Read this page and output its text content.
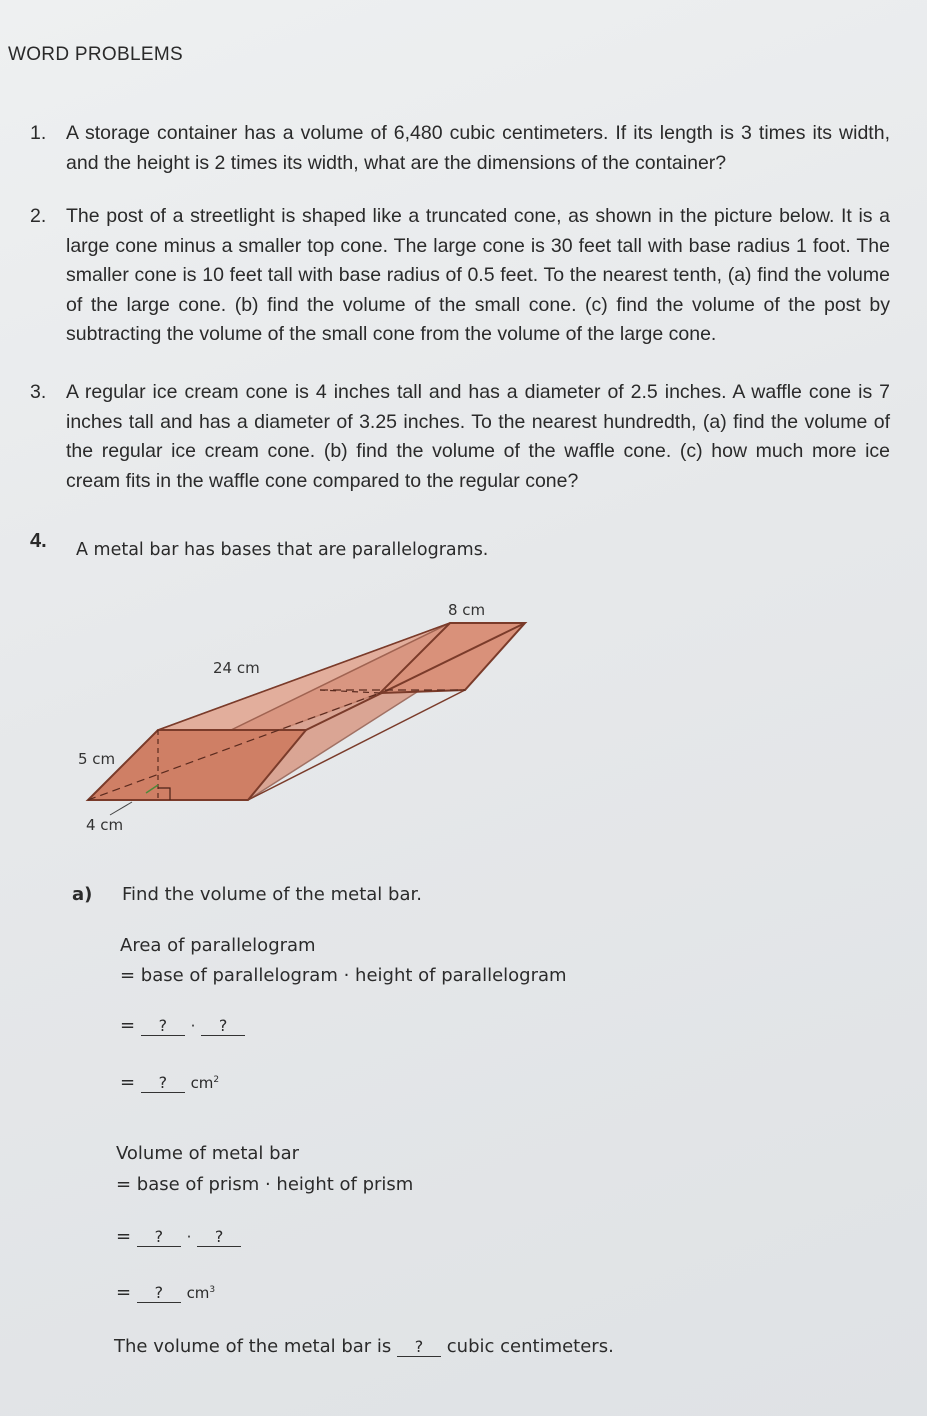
WORD PROBLEMS
1. A storage container has a volume of 6,480 cubic centimeters. If its length is 3 times its width, and the height is 2 times its width, what are the dimensions of the container?
2. The post of a streetlight is shaped like a truncated cone, as shown in the picture below. It is a large cone minus a smaller top cone. The large cone is 30 feet tall with base radius 1 foot. The smaller cone is 10 feet tall with base radius of 0.5 feet. To the nearest tenth, (a) find the volume of the large cone. (b) find the volume of the small cone. (c) find the volume of the post by subtracting the volume of the small cone from the volume of the large cone.
3. A regular ice cream cone is 4 inches tall and has a diameter of 2.5 inches. A waffle cone is 7 inches tall and has a diameter of 3.25 inches. To the nearest hundredth, (a) find the volume of the regular ice cream cone. (b) find the volume of the waffle cone. (c) how much more ice cream fits in the waffle cone compared to the regular cone?
4. A metal bar has bases that are parallelograms.
8 cm
24 cm
5 cm
4 cm
a) Find the volume of the metal bar.
Area of parallelogram
= base of parallelogram · height of parallelogram
= ? · ?
= ? $cm^2$
Volume of metal bar
= base of prism · height of prism
= ? · ?
= ? $cm^3$
The volume of the metal bar is ? cubic centimeters.
